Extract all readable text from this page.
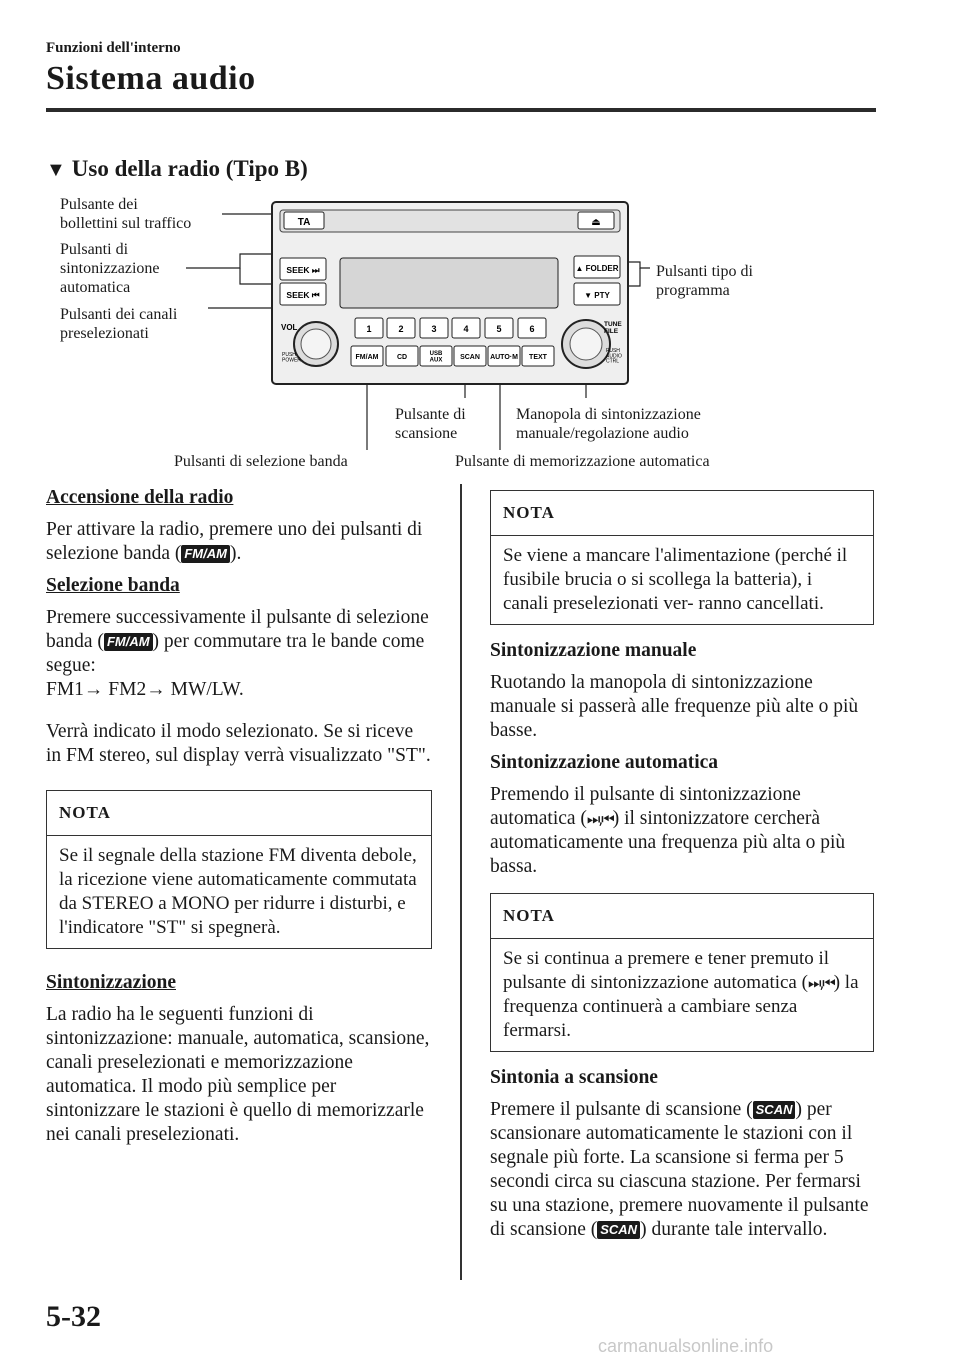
Funzioni dell'interno
Sistema audio
▼ Uso della radio (Tipo B)
TA	⏏
SEEK ⏭
SEEK ⏮
▲ FOLDER
▼ PTY
VOL
PUSH POWER
TUNE FILE
PUSH AUDIO CTRL
1	2	3	4	5	6
FM/AM	CD	USB AUX	SCAN AUTO·M TEXT
Pulsante dei
bollettini sul traffico
Pulsanti di
sintonizzazione
automatica
Pulsanti dei canali
preselezionati
Pulsanti tipo di
programma
Pulsante di
scansione
Manopola di sintonizzazione
manuale/regolazione audio
Pulsanti di selezione banda	Pulsante di memorizzazione automatica

Accensione della radio

Per attivare la radio, premere uno dei pulsanti di selezione banda ( FM/AM ).

Selezione banda

Premere successivamente il pulsante di selezione banda ( FM/AM ) per commutare tra le bande come segue:

FM1→ FM2→ MW/LW.

Verrà indicato il modo selezionato. Se si riceve in FM stereo, sul display verrà visualizzato "ST".

NOTA
Se il segnale della stazione FM diventa debole, la ricezione viene automaticamente commutata da STEREO a MONO per ridurre i disturbi, e l'indicatore "ST" si spegnerà.

Sintonizzazione

La radio ha le seguenti funzioni di sintonizzazione: manuale, automatica, scansione, canali preselezionati e memorizzazione automatica. Il modo più semplice per sintonizzare le stazioni è quello di memorizzarle nei canali preselezionati.

NOTA
Se viene a mancare l'alimentazione (perché il fusibile brucia o si scollega la batteria), i canali preselezionati ver- ranno cancellati.

Sintonizzazione manuale

Ruotando la manopola di sintonizzazione manuale si passerà alle frequenze più alte o più basse.

Sintonizzazione automatica

Premendo il pulsante di sintonizzazione automatica (⏭,⏮) il sintonizzatore cercherà automaticamente una frequenza più alta o più bassa.

NOTA
Se si continua a premere e tener premuto il pulsante di sintonizzazione automatica (⏭,⏮) la frequenza continuerà a cambiare senza fermarsi.

Sintonia a scansione

Premere il pulsante di scansione ( SCAN ) per scansionare automaticamente le stazioni con il segnale più forte. La scansione si ferma per 5 secondi circa su ciascuna stazione. Per fermarsi su una stazione, premere nuovamente il pulsante di scansione ( SCAN ) durante tale intervallo.

5-32
carmanualsonline.info
